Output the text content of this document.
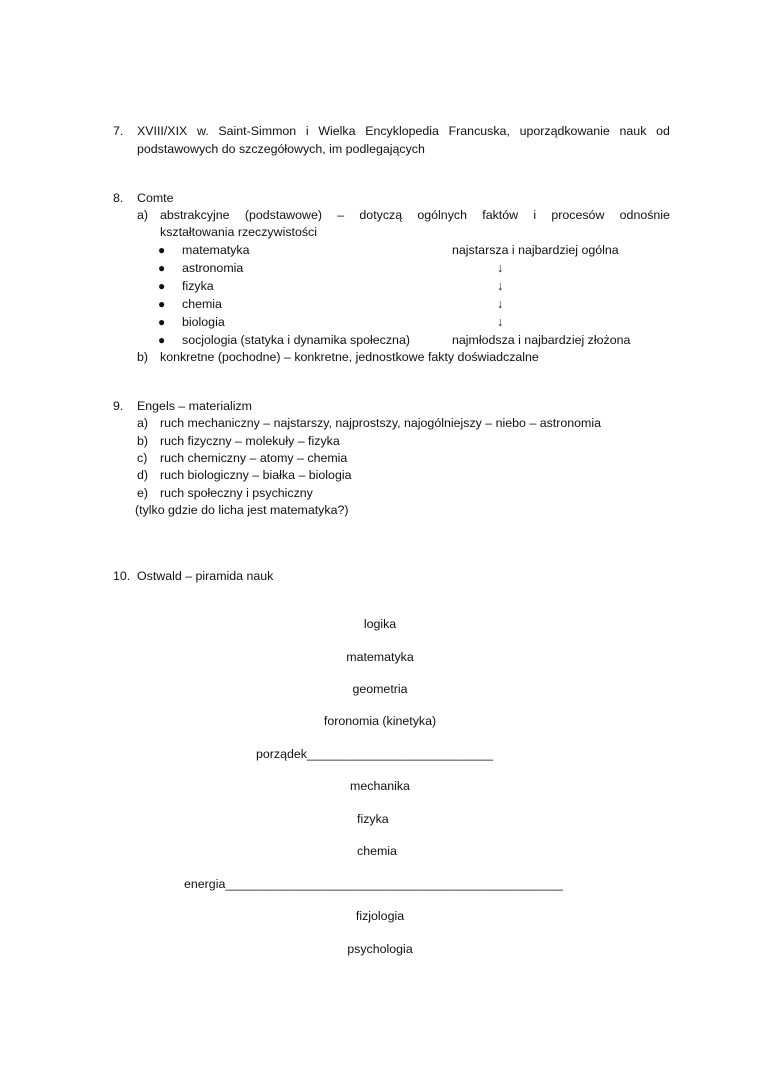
7. XVIII/XIX w. Saint-Simmon i Wielka Encyklopedia Francuska, uporządkowanie nauk od
podstawowych do szczegółowych, im podlegających
8. Comte
a) abstrakcyjne (podstawowe) – dotyczą ogólnych faktów i procesów odnośnie
kształtowania rzeczywistości
● matematyka	najstarsza i najbardziej ogólna
● astronomia	↓
● fizyka	↓
● chemia	↓
● biologia	↓
● socjologia (statyka i dynamika społeczna)	najmłodsza i najbardziej złożona
b) konkretne (pochodne) – konkretne, jednostkowe fakty doświadczalne
9. Engels – materializm
a) ruch mechaniczny – najstarszy, najprostszy, najogólniejszy – niebo – astronomia
b) ruch fizyczny – molekuły – fizyka
c) ruch chemiczny – atomy – chemia
d) ruch biologiczny – białka – biologia
e) ruch społeczny i psychiczny
(tylko gdzie do licha jest matematyka?)
10. Ostwald – piramida nauk
logika
matematyka
geometria
foronomia (kinetyka)
porządek___________________________
mechanika
fizyka
chemia
energia_________________________________________________
fizjologia
psychologia
